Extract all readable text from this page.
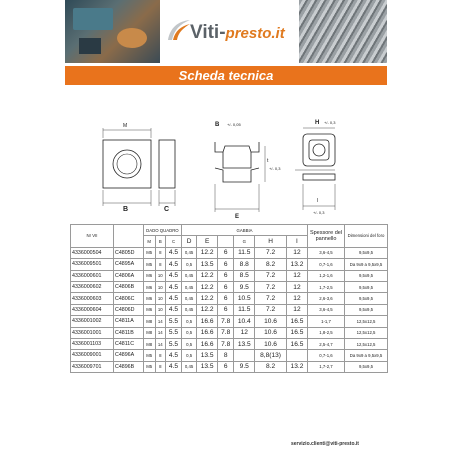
Viti-presto.it
Scheda tecnica
M
B	C
B +/- 0,05
t
+/- 0,3
E
H +/- 0,3
I
+/- 0,3
Nr VII		DADO QUADRO			GABBIA						Spessore del pannello	Dimensioni del foro
		M	B	C	D	E		G	H	I		
4336000504	C4805D	M5	8	4.5	0,45	12.2	6	11.5	7.2	12	3,6-4,5	9,5x9,5
4336009501	C4895A	M5	8	4.5	0,5	13.5	6	8.8	8.2	13.2	0,7-1,6	Da 9x9 a 9,5x9,5
4336000601	C4806A	M6	10	4.5	0,45	12.2	6	8.5	7.2	12	1,2-1,6	9,5x9,5
4336000602	C4806B	M6	10	4.5	0,45	12.2	6	9.5	7.2	12	1,7-2,5	9,5x9,5
4336000603	C4806C	M6	10	4.5	0,45	12.2	6	10.5	7.2	12	2,6-3,6	9,5x9,5
4336000604	C4806D	M6	10	4.5	0,45	12.2	6	11.5	7.2	12	3,6-4,5	9,5x9,5
4336001002	C4811A	M8	14	5.5	0,5	16.6	7.8	10.4	10.6	16.5	1-1,7	12,5x12,5
4336001001	C4811B	M8	14	5.5	0,5	16.6	7.8	12	10.6	16.5	1,8-2,5	12,5x12,5
4336001103	C4811C	M8	14	5.5	0,5	16.6	7.8	13.5	10.6	16.5	2,5-4,7	12,5x12,5
4336009001	C4896A	M5	8	4.5	0,5	13.5	8		8,8(13)		0,7-1,6	Da 9x9 a 9,5x9,5
4336009701	C4896B	M5	8	4.5	0,45	13.5	6	9.5	8.2	13.2	1,7-2,7	9,5x9,5
servizio.clienti@viti-presto.it
